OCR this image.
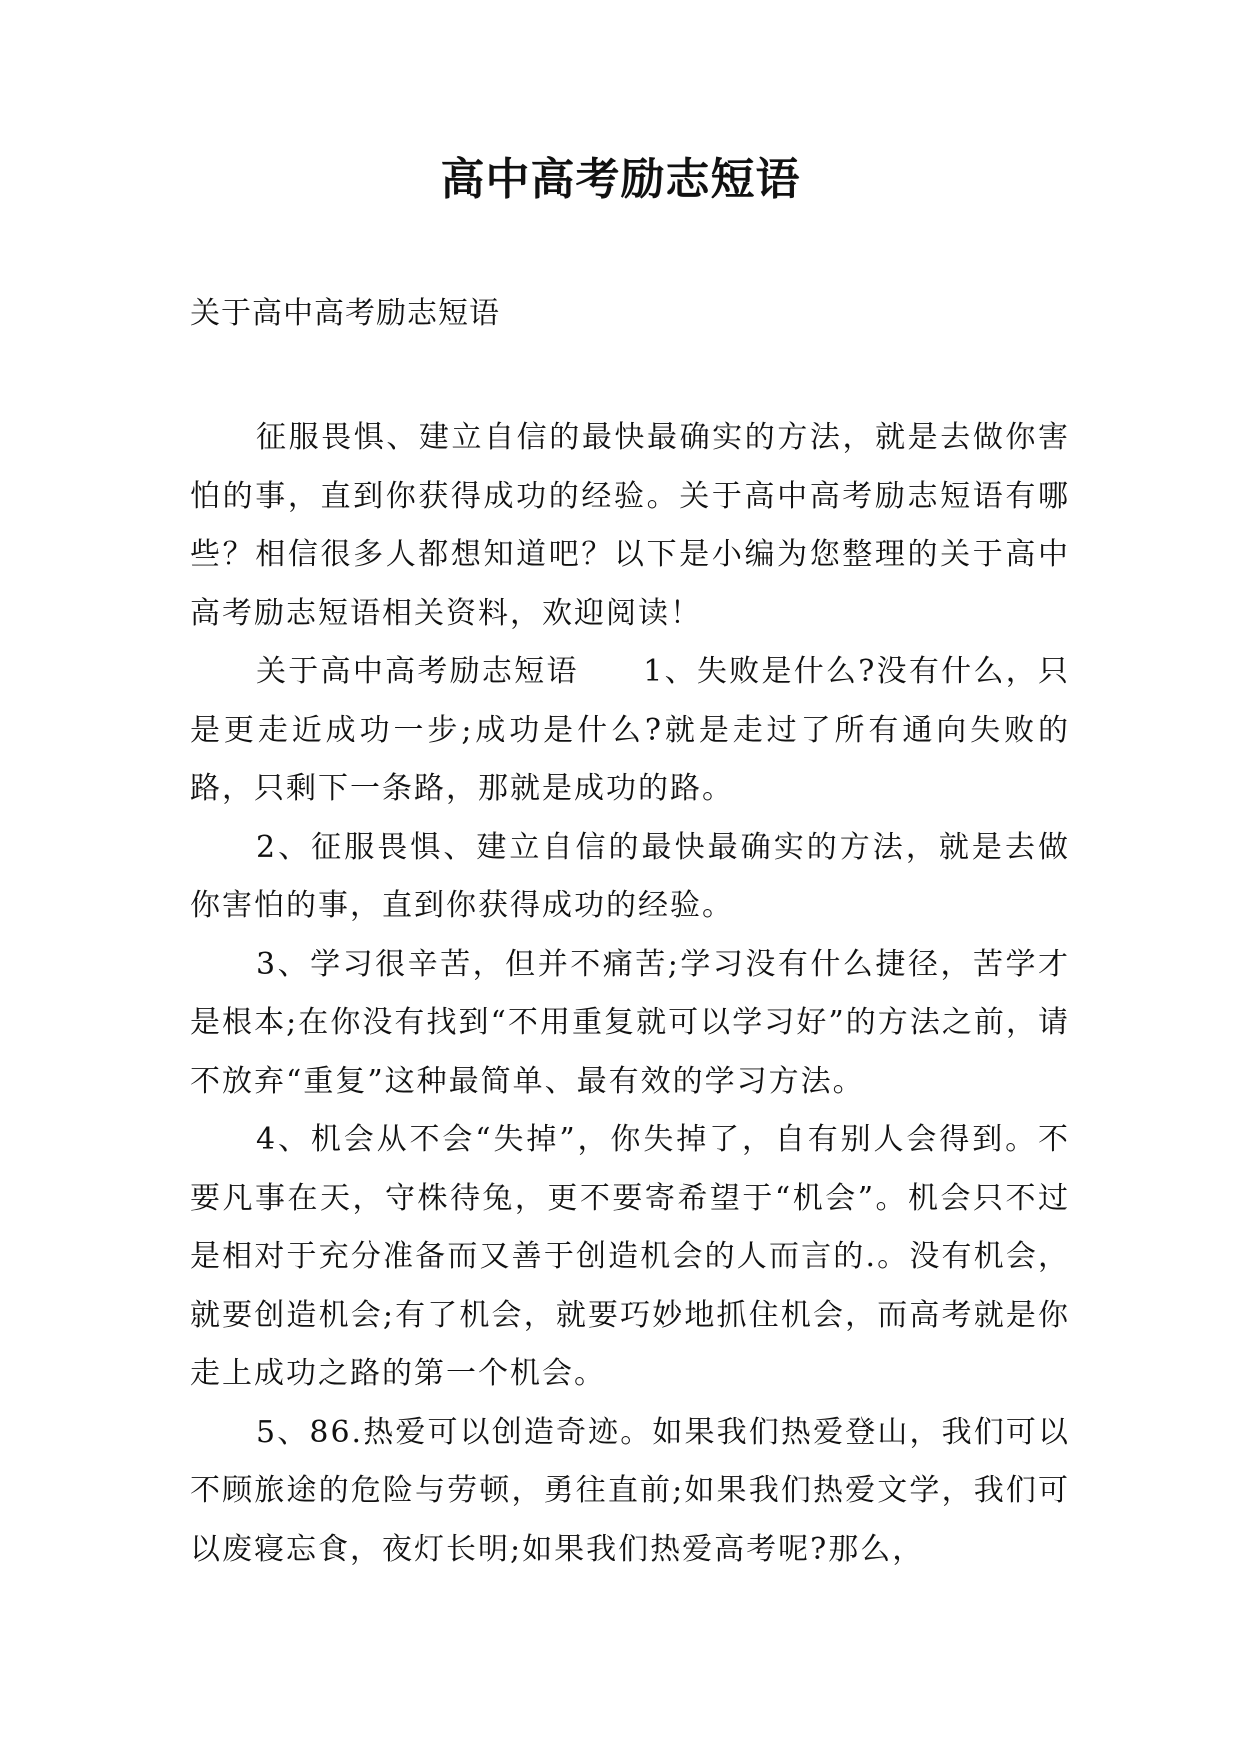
高中高考励志短语
关于高中高考励志短语

征服畏惧、建立自信的最快最确实的方法，就是去做你害怕的事，直到你获得成功的经验。关于高中高考励志短语有哪些？相信很多人都想知道吧？以下是小编为您整理的关于高中高考励志短语相关资料，欢迎阅读！

关于高中高考励志短语　　1、失败是什么?没有什么，只是更走近成功一步;成功是什么?就是走过了所有通向失败的路，只剩下一条路，那就是成功的路。

2、征服畏惧、建立自信的最快最确实的方法，就是去做你害怕的事，直到你获得成功的经验。

3、学习很辛苦，但并不痛苦;学习没有什么捷径，苦学才是根本;在你没有找到“不用重复就可以学习好”的方法之前，请不放弃“重复”这种最简单、最有效的学习方法。

4、机会从不会“失掉”，你失掉了，自有别人会得到。不要凡事在天，守株待兔，更不要寄希望于“机会”。机会只不过是相对于充分准备而又善于创造机会的人而言的.。没有机会，就要创造机会;有了机会，就要巧妙地抓住机会，而高考就是你走上成功之路的第一个机会。

5、86.热爱可以创造奇迹。如果我们热爱登山，我们可以不顾旅途的危险与劳顿，勇往直前;如果我们热爱文学，我们可以废寝忘食，夜灯长明;如果我们热爱高考呢?那么，
